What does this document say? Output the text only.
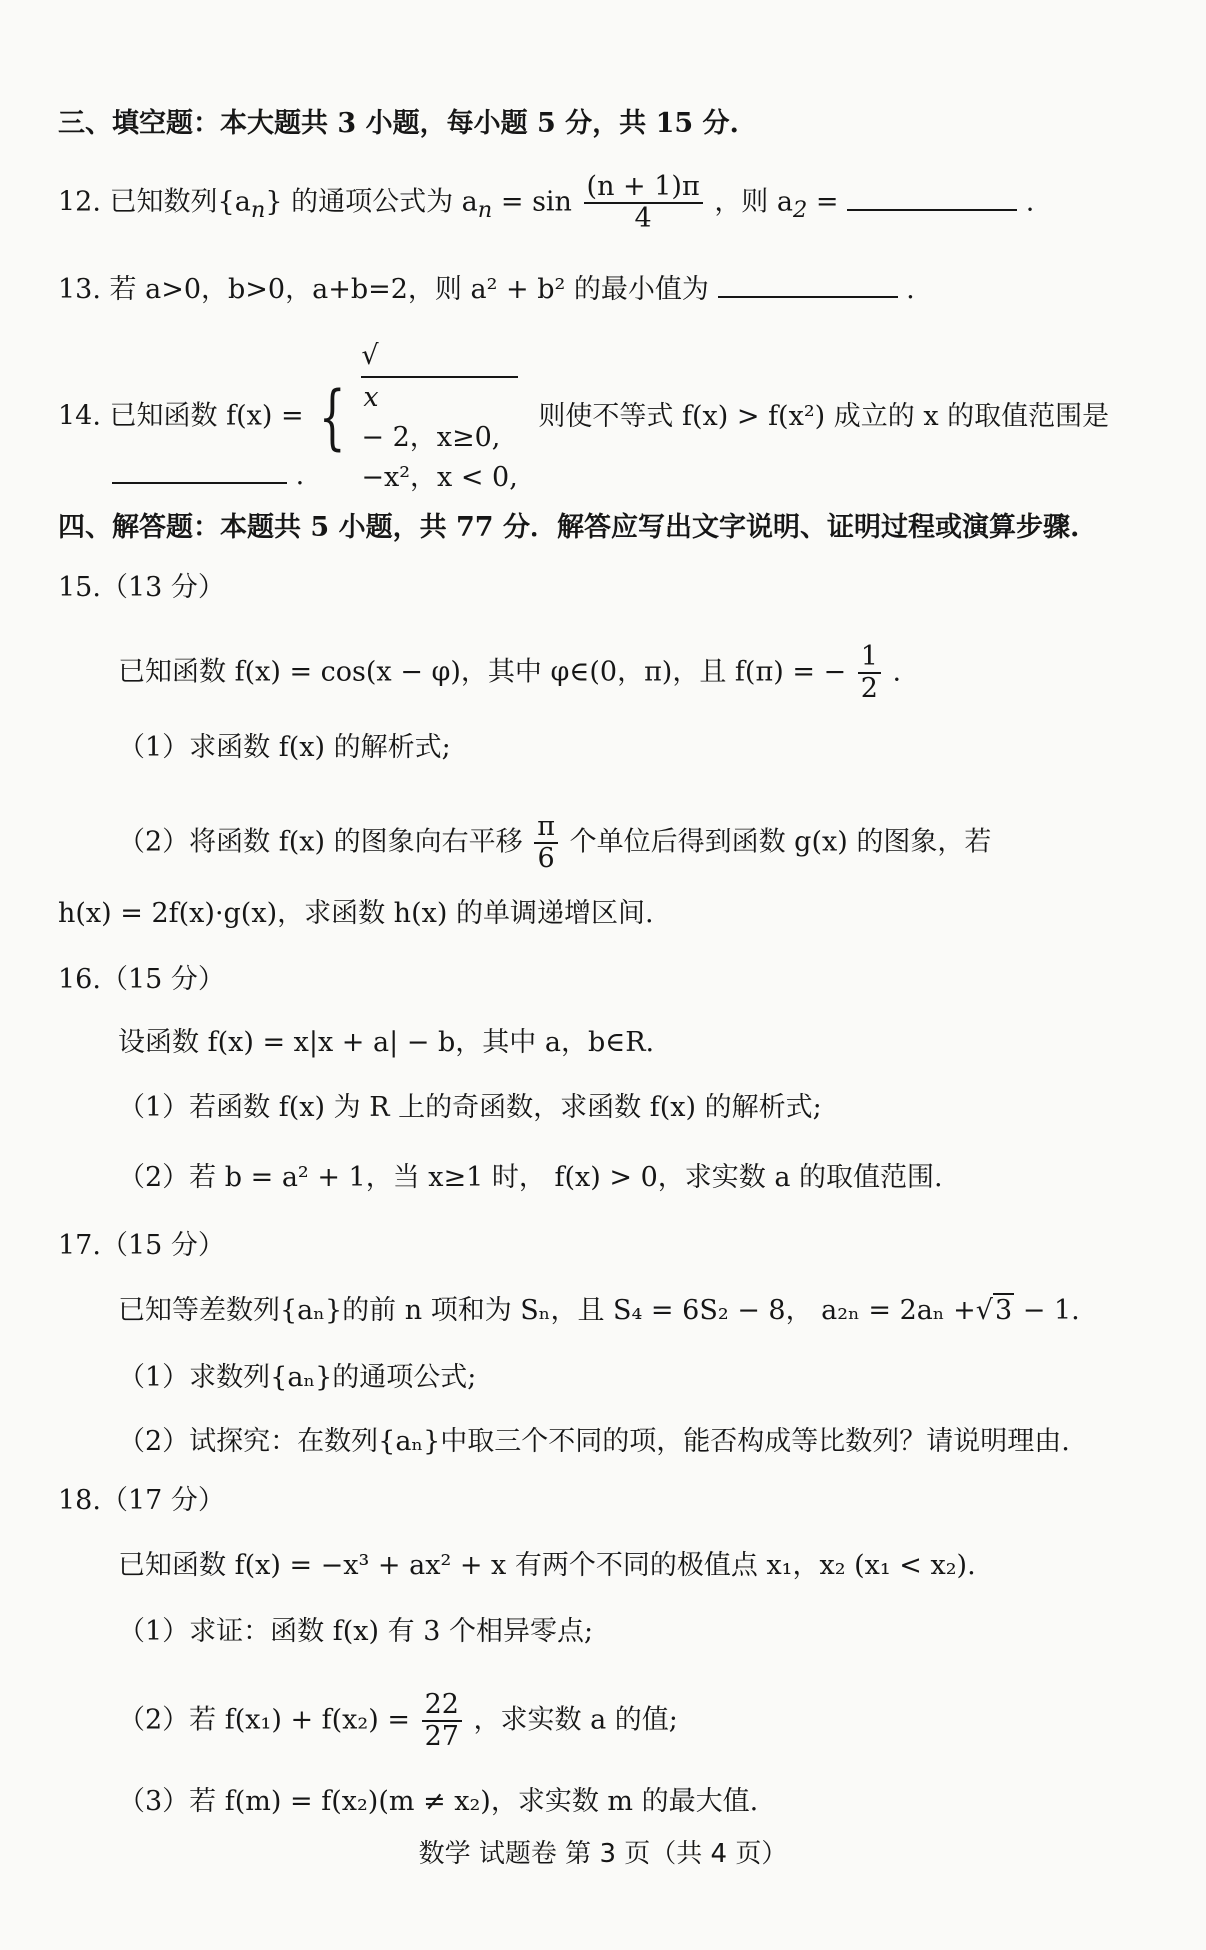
三、填空题：本大题共 3 小题，每小题 5 分，共 15 分.
12. 已知数列$\{a_n\}$ 的通项公式为 $a_n = \sin \frac{(n + 1)\pi}{4}$ ，则 $a_2$ =	.
13. 若 a>0，b>0，a+b=2，则 a² + b² 的最小值为	.
14. 已知函数 f(x) = {
√
x
− 2，x≥0,
−x²，x < 0,
则使不等式 f(x) > f(x²) 成立的 x 的取值范围是
.
四、解答题：本题共 5 小题，共 77 分．解答应写出文字说明、证明过程或演算步骤.
15.（13 分）
已知函数 f(x) = cos(x − φ)，其中 φ∈(0，π)，且 f(π) = − $\frac{1}{2}$ .
（1）求函数 f(x) 的解析式;
（2）将函数 f(x) 的图象向右平移 $\frac{\pi}{6}$ 个单位后得到函数 g(x) 的图象，若
h(x) = 2f(x)·g(x)，求函数 h(x) 的单调递增区间.
16.（15 分）
设函数 f(x) = x|x + a| − b，其中 a，b∈R.
（1）若函数 f(x) 为 R 上的奇函数，求函数 f(x) 的解析式;
（2）若 b = a² + 1，当 x≥1 时， f(x) > 0，求实数 a 的取值范围.
17.（15 分）
已知等差数列{aₙ}的前 n 项和为 Sₙ，且 S₄ = 6S₂ − 8， a₂ₙ = 2aₙ +√3 − 1.
（1）求数列{aₙ}的通项公式;
（2）试探究：在数列{aₙ}中取三个不同的项，能否构成等比数列？请说明理由.
18.（17 分）
已知函数 f(x) = −x³ + ax² + x 有两个不同的极值点 x₁，x₂ (x₁ < x₂).
（1）求证：函数 f(x) 有 3 个相异零点;
（2）若 $f(x_1) + f(x_2) = \frac{22}{27}$ ，求实数 a 的值;
（3）若 f(m) = f(x₂)(m ≠ x₂)，求实数 m 的最大值.
数学 试题卷 第 3 页（共 4 页）
